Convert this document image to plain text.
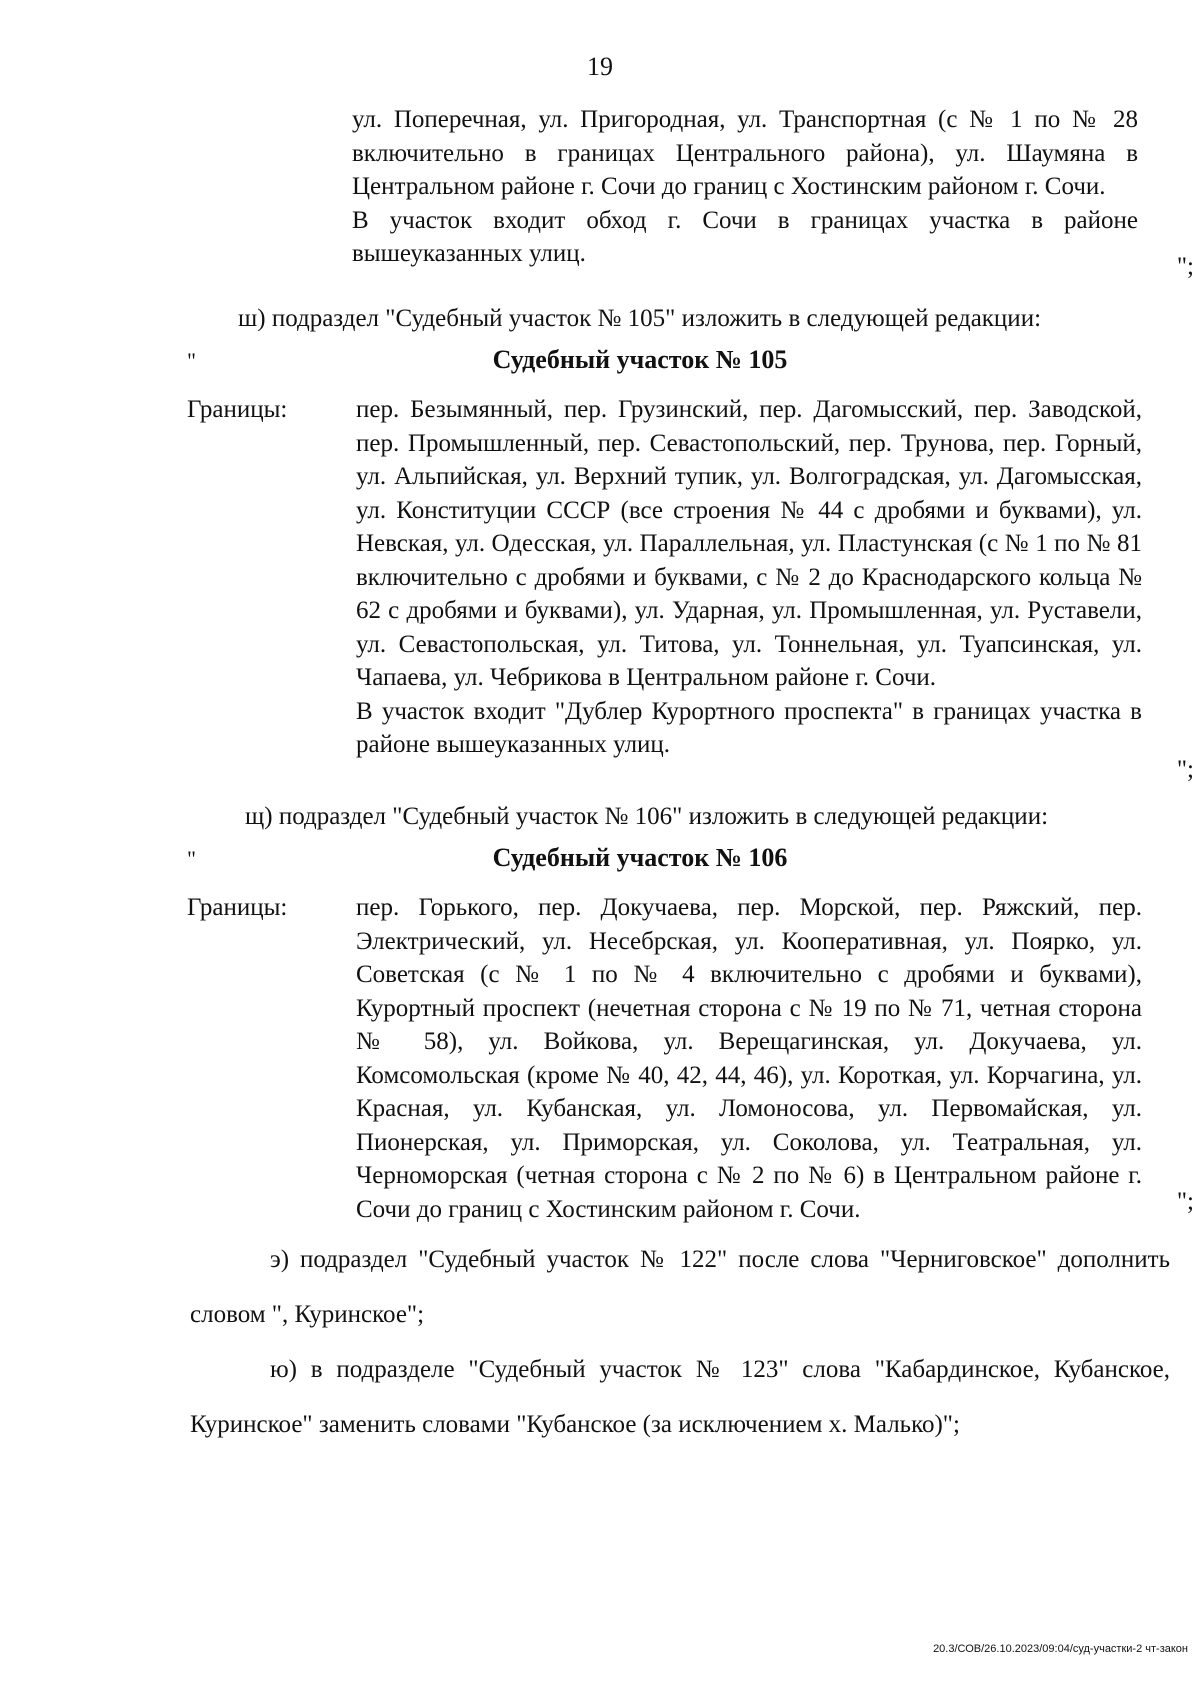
19

ул. Поперечная, ул. Пригородная, ул. Транспортная (с № 1 по № 28 включительно в границах Центрального района), ул. Шаумяна в Центральном районе г. Сочи до границ с Хостинским районом г. Сочи.

В участок входит обход г. Сочи в границах участка в районе вышеуказанных улиц.	";
ш) подраздел "Судебный участок № 105" изложить в следующей редакции:
"	Судебный участок № 105
Границы:	пер. Безымянный, пер. Грузинский, пер. Дагомысский, пер. Заводской, пер. Промышленный, пер. Севастопольский, пер. Трунова, пер. Горный, ул. Альпийская, ул. Верхний тупик, ул. Волгоградская, ул. Дагомысская, ул. Конституции СССР (все строения № 44 с дробями и буквами), ул. Невская, ул. Одесская, ул. Параллельная, ул. Пластунская (с № 1 по № 81 включительно с дробями и буквами, с № 2 до Краснодарского кольца № 62 с дробями и буквами), ул. Ударная, ул. Промышленная, ул. Руставели, ул. Севастопольская, ул. Титова, ул. Тоннельная, ул. Туапсинская, ул. Чапаева, ул. Чебрикова в Центральном районе г. Сочи.

В участок входит "Дублер Курортного проспекта" в границах участка в районе вышеуказанных улиц.

";
щ) подраздел "Судебный участок № 106" изложить в следующей редакции:
"	Судебный участок № 106
Границы:	пер. Горького, пер. Докучаева, пер. Морской, пер. Ряжский, пер. Электрический, ул. Несебрская, ул. Кооперативная, ул. Поярко, ул. Советская (с № 1 по № 4 включительно с дробями и буквами), Курортный проспект (нечетная сторона с № 19 по № 71, четная сторона № 58), ул. Войкова, ул. Верещагинская, ул. Докучаева, ул. Комсомольская (кроме № 40, 42, 44, 46), ул. Короткая, ул. Корчагина, ул. Красная, ул. Кубанская, ул. Ломоносова, ул. Первомайская, ул. Пионерская, ул. Приморская, ул. Соколова, ул. Театральная, ул. Черноморская (четная сторона с № 2 по № 6) в Центральном районе г. Сочи до границ с Хостинским районом г. Сочи.	";

э) подраздел "Судебный участок № 122" после слова "Черниговское" дополнить словом ", Куринское";

ю) в подразделе "Судебный участок № 123" слова "Кабардинское, Кубанское, Куринское" заменить словами "Кубанское (за исключением х. Малько)";

20.3/СОВ/26.10.2023/09:04/суд-участки-2 чт-закон
